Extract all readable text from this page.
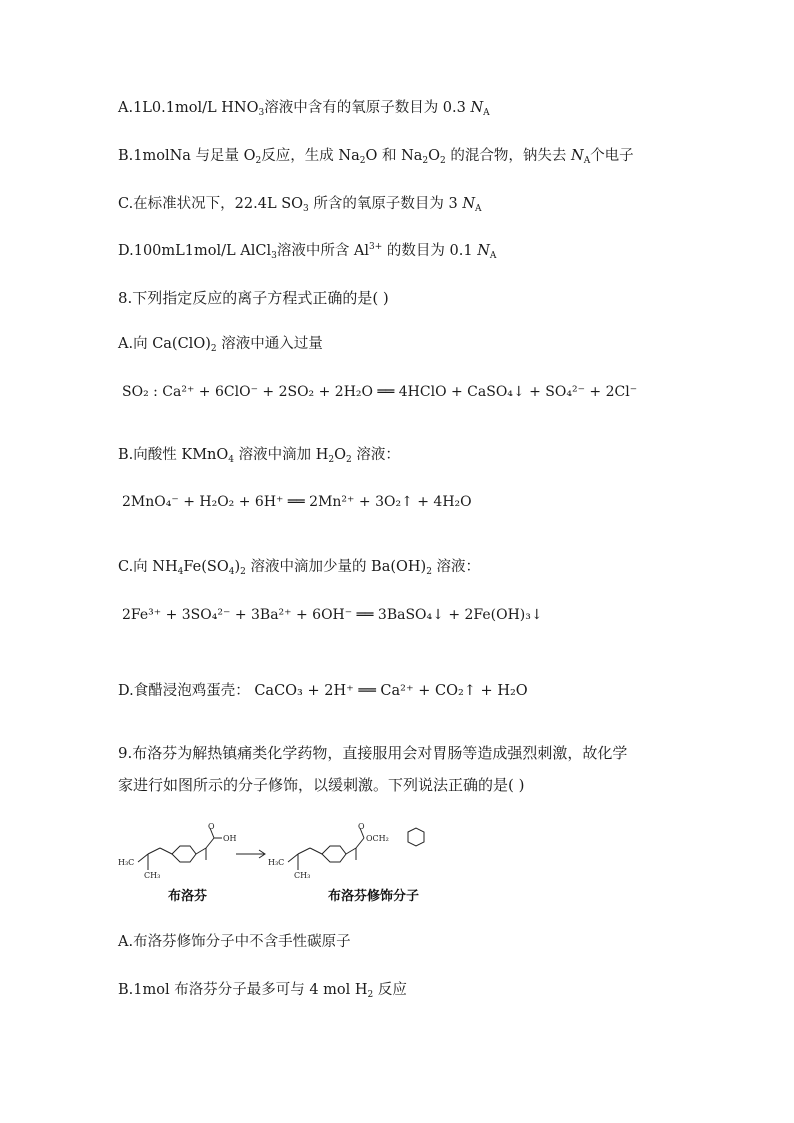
A.1L0.1mol/L $HNO_3$溶液中含有的氧原子数目为 0.3 $N_A$
B.1molNa 与足量 $O_2$反应，生成 $Na_2O$ 和 $Na_2O_2$ 的混合物，钠失去 $N_A$个电子
C.在标准状况下，22.4L $SO_3$ 所含的氧原子数目为 3 $N_A$
D.100mL1mol/L AlCl$_3$溶液中所含 $Al^{3+}$ 的数目为 0.1 $N_A$
8.下列指定反应的离子方程式正确的是( )
A.向 $Ca(ClO)_2$ 溶液中通入过量
SO₂ : Ca²⁺ + 6ClO⁻ + 2SO₂ + 2H₂O ══ 4HClO + CaSO₄↓ + SO₄²⁻ + 2Cl⁻
B.向酸性 KMnO$_4$ 溶液中滴加 $H_2O_2$ 溶液：
2MnO₄⁻ + H₂O₂ + 6H⁺ ══ 2Mn²⁺ + 3O₂↑ + 4H₂O
C.向 $NH_4Fe(SO_4)_2$ 溶液中滴加少量的 $Ba(OH)_2$ 溶液：
2Fe³⁺ + 3SO₄²⁻ + 3Ba²⁺ + 6OH⁻ ══ 3BaSO₄↓ + 2Fe(OH)₃↓
D.食醋浸泡鸡蛋壳： CaCO₃ + 2H⁺ ══ Ca²⁺ + CO₂↑ + H₂O
9.布洛芬为解热镇痛类化学药物，直接服用会对胃肠等造成强烈刺激，故化学
家进行如图所示的分子修饰，以缓刺激。下列说法正确的是( )
H₃C
CH₃
O
OH
H₃C
CH₃
O
OCH₂
布洛芬	布洛芬修饰分子
A.布洛芬修饰分子中不含手性碳原子
B.1mol 布洛芬分子最多可与 4 mol $H_2$ 反应
